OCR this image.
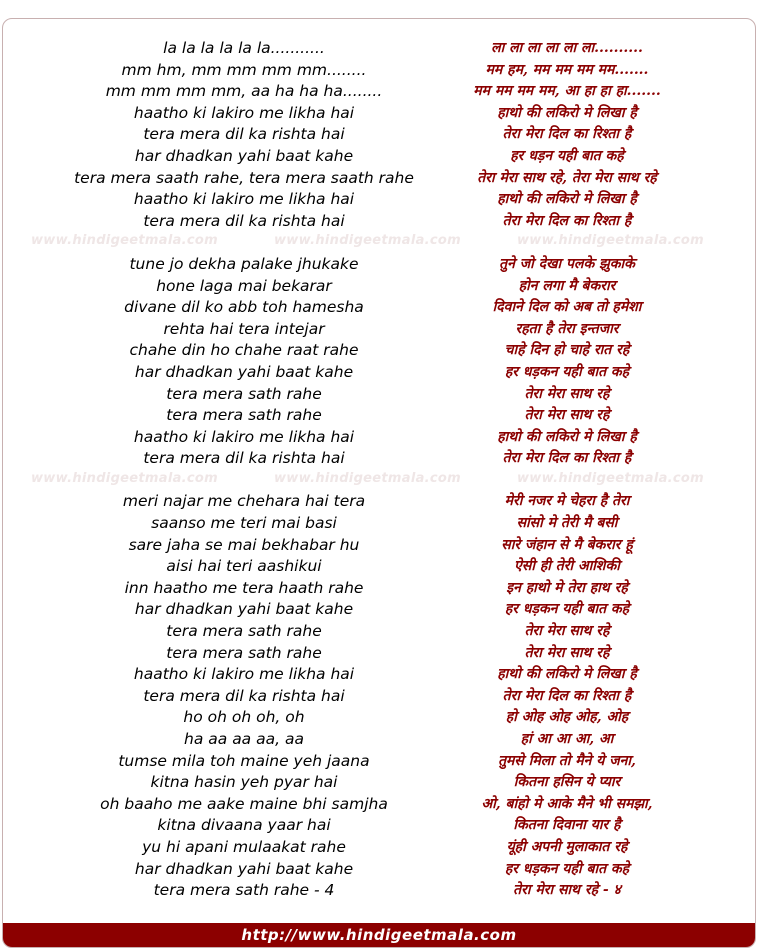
la la la la la la...........
mm hm, mm mm mm mm........
mm mm mm mm, aa ha ha ha........
haatho ki lakiro me likha hai
tera mera dil ka rishta hai
har dhadkan yahi baat kahe
tera mera saath rahe, tera mera saath rahe
haatho ki lakiro me likha hai
tera mera dil ka rishta hai
tune jo dekha palake jhukake
hone laga mai bekarar
divane dil ko abb toh hamesha
rehta hai tera intejar
chahe din ho chahe raat rahe
har dhadkan yahi baat kahe
tera mera sath rahe
tera mera sath rahe
haatho ki lakiro me likha hai
tera mera dil ka rishta hai
meri najar me chehara hai tera
saanso me teri mai basi
sare jaha se mai bekhabar hu
aisi hai teri aashikui
inn haatho me tera haath rahe
har dhadkan yahi baat kahe
tera mera sath rahe
tera mera sath rahe
haatho ki lakiro me likha hai
tera mera dil ka rishta hai
ho oh oh oh, oh
ha aa aa aa, aa
tumse mila toh maine yeh jaana
kitna hasin yeh pyar hai
oh baaho me aake maine bhi samjha
kitna divaana yaar hai
yu hi apani mulaakat rahe
har dhadkan yahi baat kahe
tera mera sath rahe - 4
ला ला ला ला ला ला..........
मम हम, मम मम मम मम.......
मम मम मम मम, आ हा हा हा.......
हाथो की लकिरो मे लिखा है
तेरा मेरा दिल का रिश्ता है
हर धड़न यही बात कहे
तेरा मेरा साथ रहे, तेरा मेरा साथ रहे
हाथो की लकिरो मे लिखा है
तेरा मेरा दिल का रिश्ता है
तुने जो देखा पलके झुकाके
होन लगा मै बेकरार
दिवाने दिल को अब तो हमेशा
रहता है तेरा इन्तजार
चाहे दिन हो चाहे रात रहे
हर धड़कन यही बात कहे
तेरा मेरा साथ रहे
तेरा मेरा साथ रहे
हाथो की लकिरो मे लिखा है
तेरा मेरा दिल का रिश्ता है
मेरी नजर मे चेहरा है तेरा
सांसो मे तेरी मै बसी
सारे जंहान से मै बेकरार हूं
ऐसी ही तेरी आशिकी
इन हाथो मे तेरा हाथ रहे
हर धड़कन यही बात कहे
तेरा मेरा साथ रहे
तेरा मेरा साथ रहे
हाथो की लकिरो मे लिखा है
तेरा मेरा दिल का रिश्ता है
हो ओह ओह ओह, ओह
हां आ आ आ, आ
तुमसे मिला तो मैने ये जना,
कितना हसिन ये प्यार
ओ, बांहो मे आके मैने भी समझा,
कितना दिवाना यार है
यूंही अपनी मुलाकात रहे
हर धड़कन यही बात कहे
तेरा मेरा साथ रहे - ४
www.hindigeetmala.com	www.hindigeetmala.com	www.hindigeetmala.com
www.hindigeetmala.com	www.hindigeetmala.com	www.hindigeetmala.com
http://www.hindigeetmala.com
